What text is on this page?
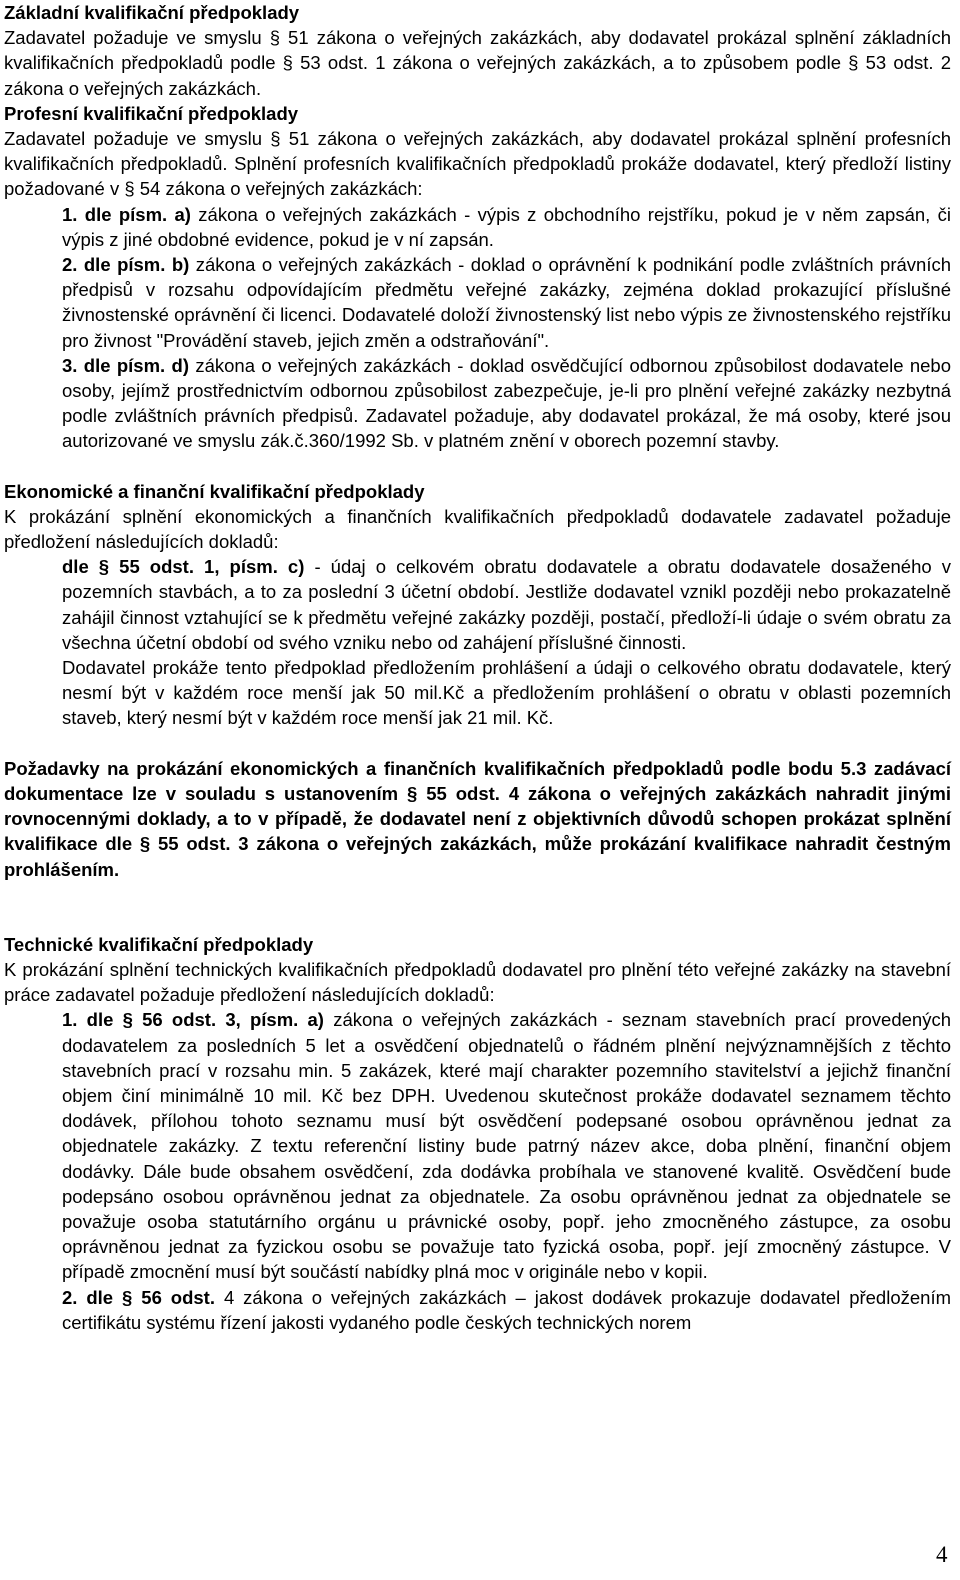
Základní kvalifikační předpoklady

Zadavatel požaduje ve smyslu § 51 zákona o veřejných zakázkách, aby dodavatel prokázal splnění základních kvalifikačních předpokladů podle § 53 odst. 1 zákona o veřejných zakázkách, a to způsobem podle § 53 odst. 2 zákona o veřejných zakázkách.

Profesní kvalifikační předpoklady

Zadavatel požaduje ve smyslu § 51 zákona o veřejných zakázkách, aby dodavatel prokázal splnění profesních kvalifikačních předpokladů. Splnění profesních kvalifikačních předpokladů prokáže dodavatel, který předloží listiny požadované v § 54 zákona o veřejných zakázkách:

1. dle písm. a) zákona o veřejných zakázkách - výpis z obchodního rejstříku, pokud je v něm zapsán, či výpis z jiné obdobné evidence, pokud je v ní zapsán.

2. dle písm. b) zákona o veřejných zakázkách - doklad o oprávnění k podnikání podle zvláštních právních předpisů v rozsahu odpovídajícím předmětu veřejné zakázky, zejména doklad prokazující příslušné živnostenské oprávnění či licenci. Dodavatelé doloží živnostenský list nebo výpis ze živnostenského rejstříku pro živnost "Provádění staveb, jejich změn a odstraňování".

3. dle písm. d) zákona o veřejných zakázkách - doklad osvědčující odbornou způsobilost dodavatele nebo osoby, jejímž prostřednictvím odbornou způsobilost zabezpečuje, je-li pro plnění veřejné zakázky nezbytná podle zvláštních právních předpisů. Zadavatel požaduje, aby dodavatel prokázal, že má osoby, které jsou autorizované ve smyslu zák.č.360/1992 Sb. v platném znění v oborech pozemní stavby.

Ekonomické a finanční kvalifikační předpoklady

K prokázání splnění ekonomických a finančních kvalifikačních předpokladů dodavatele zadavatel požaduje předložení následujících dokladů:

dle § 55 odst. 1, písm. c) - údaj o celkovém obratu dodavatele a obratu dodavatele dosaženého v pozemních stavbách, a to za poslední 3 účetní období. Jestliže dodavatel vznikl později nebo prokazatelně zahájil činnost vztahující se k předmětu veřejné zakázky později, postačí, předloží-li údaje o svém obratu za všechna účetní období od svého vzniku nebo od zahájení příslušné činnosti.

Dodavatel prokáže tento předpoklad předložením prohlášení a údaji o celkového obratu dodavatele, který nesmí být v každém roce menší jak 50 mil.Kč a předložením prohlášení o obratu v oblasti pozemních staveb, který nesmí být v každém roce menší jak 21 mil. Kč.

Požadavky na prokázání ekonomických a finančních kvalifikačních předpokladů podle bodu 5.3 zadávací dokumentace lze v souladu s ustanovením § 55 odst. 4 zákona o veřejných zakázkách nahradit jinými rovnocennými doklady, a to v případě, že dodavatel není z objektivních důvodů schopen prokázat splnění kvalifikace dle § 55 odst. 3 zákona o veřejných zakázkách, může prokázání kvalifikace nahradit čestným prohlášením.

Technické kvalifikační předpoklady

K prokázání splnění technických kvalifikačních předpokladů dodavatel pro plnění této veřejné zakázky na stavební práce zadavatel požaduje předložení následujících dokladů:

1. dle § 56 odst. 3, písm. a) zákona o veřejných zakázkách - seznam stavebních prací provedených dodavatelem za posledních 5 let a osvědčení objednatelů o řádném plnění nejvýznamnějších z těchto stavebních prací v rozsahu min. 5 zakázek, které mají charakter pozemního stavitelství a jejichž finanční objem činí minimálně 10 mil. Kč bez DPH. Uvedenou skutečnost prokáže dodavatel seznamem těchto dodávek, přílohou tohoto seznamu musí být osvědčení podepsané osobou oprávněnou jednat za objednatele zakázky. Z textu referenční listiny bude patrný název akce, doba plnění, finanční objem dodávky. Dále bude obsahem osvědčení, zda dodávka probíhala ve stanovené kvalitě. Osvědčení bude podepsáno osobou oprávněnou jednat za objednatele. Za osobu oprávněnou jednat za objednatele se považuje osoba statutárního orgánu u právnické osoby, popř. jeho zmocněného zástupce, za osobu oprávněnou jednat za fyzickou osobu se považuje tato fyzická osoba, popř. její zmocněný zástupce. V případě zmocnění musí být součástí nabídky plná moc v originále nebo v kopii.

2. dle § 56 odst. 4 zákona o veřejných zakázkách – jakost dodávek prokazuje dodavatel předložením certifikátu systému řízení jakosti vydaného podle českých technických norem

4
